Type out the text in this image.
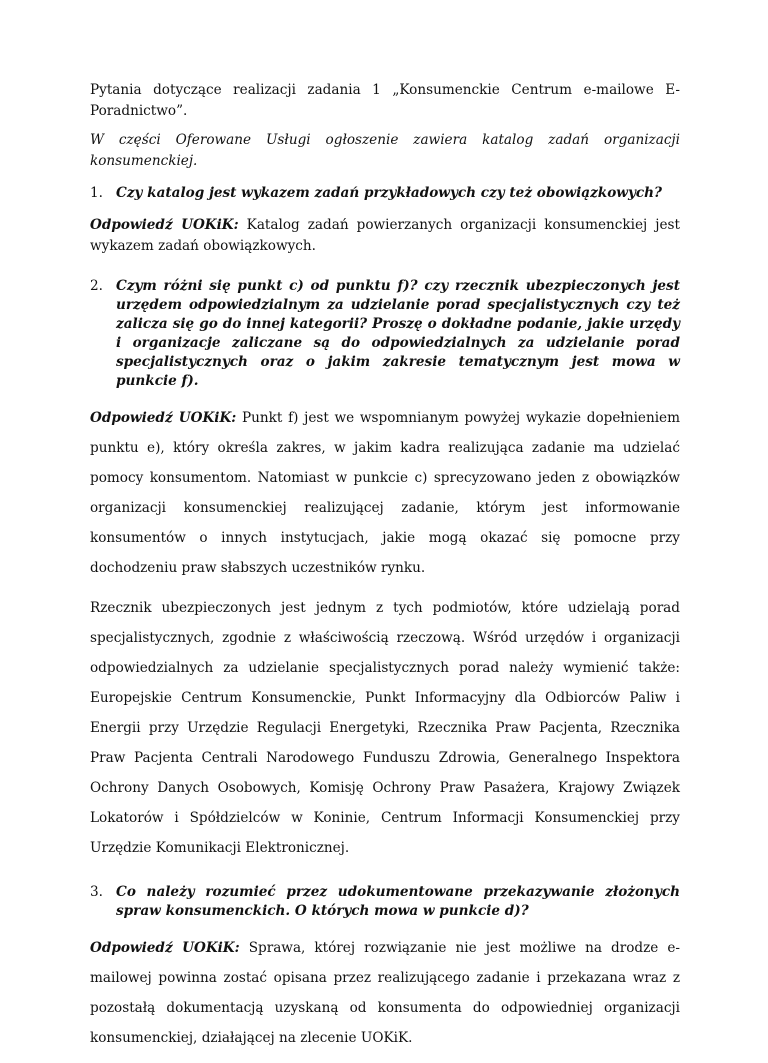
Pytania dotyczące realizacji zadania 1 „Konsumenckie Centrum e-mailowe E-Poradnictwo”.

W części Oferowane Usługi ogłoszenie zawiera katalog zadań organizacji konsumenckiej.

1. Czy katalog jest wykazem zadań przykładowych czy też obowiązkowych?

Odpowiedź UOKiK: Katalog zadań powierzanych organizacji konsumenckiej jest wykazem zadań obowiązkowych.

2. Czym różni się punkt c) od punktu f)? czy rzecznik ubezpieczonych jest urzędem odpowiedzialnym za udzielanie porad specjalistycznych czy też zalicza się go do innej kategorii? Proszę o dokładne podanie, jakie urzędy i organizacje zaliczane są do odpowiedzialnych za udzielanie porad specjalistycznych oraz o jakim zakresie tematycznym jest mowa w punkcie f).

Odpowiedź UOKiK: Punkt f) jest we wspomnianym powyżej wykazie dopełnieniem punktu e), który określa zakres, w jakim kadra realizująca zadanie ma udzielać pomocy konsumentom. Natomiast w punkcie c) sprecyzowano jeden z obowiązków organizacji konsumenckiej realizującej zadanie, którym jest informowanie konsumentów o innych instytucjach, jakie mogą okazać się pomocne przy dochodzeniu praw słabszych uczestników rynku.

Rzecznik ubezpieczonych jest jednym z tych podmiotów, które udzielają porad specjalistycznych, zgodnie z właściwością rzeczową. Wśród urzędów i organizacji odpowiedzialnych za udzielanie specjalistycznych porad należy wymienić także: Europejskie Centrum Konsumenckie, Punkt Informacyjny dla Odbiorców Paliw i Energii przy Urzędzie Regulacji Energetyki, Rzecznika Praw Pacjenta, Rzecznika Praw Pacjenta Centrali Narodowego Funduszu Zdrowia, Generalnego Inspektora Ochrony Danych Osobowych, Komisję Ochrony Praw Pasażera, Krajowy Związek Lokatorów i Spółdzielców w Koninie, Centrum Informacji Konsumenckiej przy Urzędzie Komunikacji Elektronicznej.

3. Co należy rozumieć przez udokumentowane przekazywanie złożonych spraw konsumenckich. O których mowa w punkcie d)?

Odpowiedź UOKiK: Sprawa, której rozwiązanie nie jest możliwe na drodze e-mailowej powinna zostać opisana przez realizującego zadanie i przekazana wraz z pozostałą dokumentacją uzyskaną od konsumenta do odpowiedniej organizacji konsumenckiej, działającej na zlecenie UOKiK.
